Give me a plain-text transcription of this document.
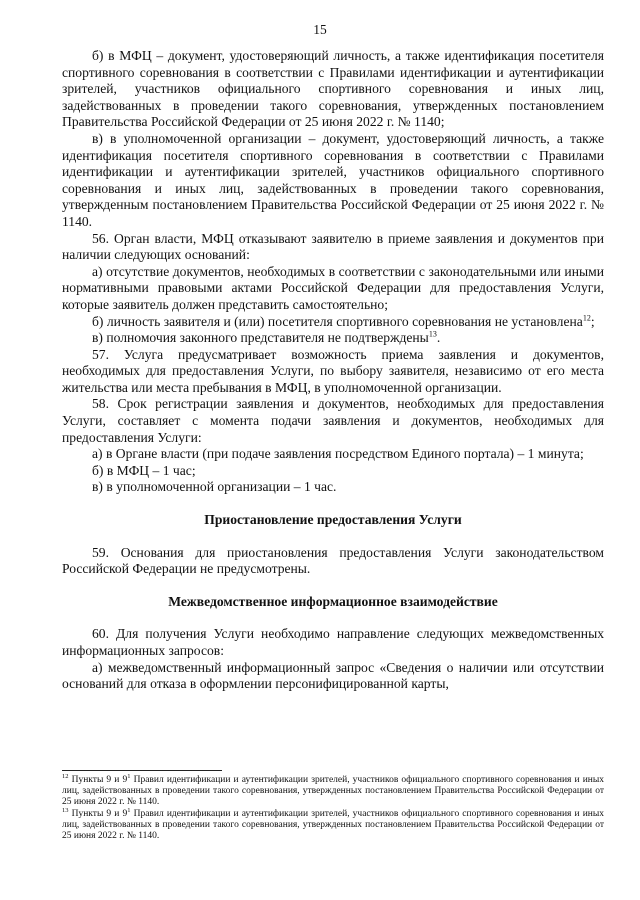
15

б) в МФЦ – документ, удостоверяющий личность, а также идентификация посетителя спортивного соревнования в соответствии с Правилами идентификации и аутентификации зрителей, участников официального спортивного соревнования и иных лиц, задействованных в проведении такого соревнования, утвержденных постановлением Правительства Российской Федерации от 25 июня 2022 г. № 1140;

в) в уполномоченной организации – документ, удостоверяющий личность, а также идентификация посетителя спортивного соревнования в соответствии с Правилами идентификации и аутентификации зрителей, участников официального спортивного соревнования и иных лиц, задействованных в проведении такого соревнования, утвержденным постановлением Правительства Российской Федерации от 25 июня 2022 г. № 1140.

56. Орган власти, МФЦ отказывают заявителю в приеме заявления и документов при наличии следующих оснований:

а) отсутствие документов, необходимых в соответствии с законодательными или иными нормативными правовыми актами Российской Федерации для предоставления Услуги, которые заявитель должен представить самостоятельно;

б) личность заявителя и (или) посетителя спортивного соревнования не установлена$^{12}$;

в) полномочия законного представителя не подтверждены$^{13}$.

57. Услуга предусматривает возможность приема заявления и документов, необходимых для предоставления Услуги, по выбору заявителя, независимо от его места жительства или места пребывания в МФЦ, в уполномоченной организации.

58. Срок регистрации заявления и документов, необходимых для предоставления Услуги, составляет с момента подачи заявления и документов, необходимых для предоставления Услуги:

а) в Органе власти (при подаче заявления посредством Единого портала) – 1 минута;

б) в МФЦ – 1 час;

в) в уполномоченной организации – 1 час.

Приостановление предоставления Услуги

59. Основания для приостановления предоставления Услуги законодательством Российской Федерации не предусмотрены.

Межведомственное информационное взаимодействие

60. Для получения Услуги необходимо направление следующих межведомственных информационных запросов:

а) межведомственный информационный запрос «Сведения о наличии или отсутствии оснований для отказа в оформлении персонифицированной карты,

$^{12}$ Пункты 9 и $9^1$ Правил идентификации и аутентификации зрителей, участников официального спортивного соревнования и иных лиц, задействованных в проведении такого соревнования, утвержденных постановлением Правительства Российской Федерации от 25 июня 2022 г. № 1140.

$^{13}$ Пункты 9 и $9^1$ Правил идентификации и аутентификации зрителей, участников официального спортивного соревнования и иных лиц, задействованных в проведении такого соревнования, утвержденных постановлением Правительства Российской Федерации от 25 июня 2022 г. № 1140.
